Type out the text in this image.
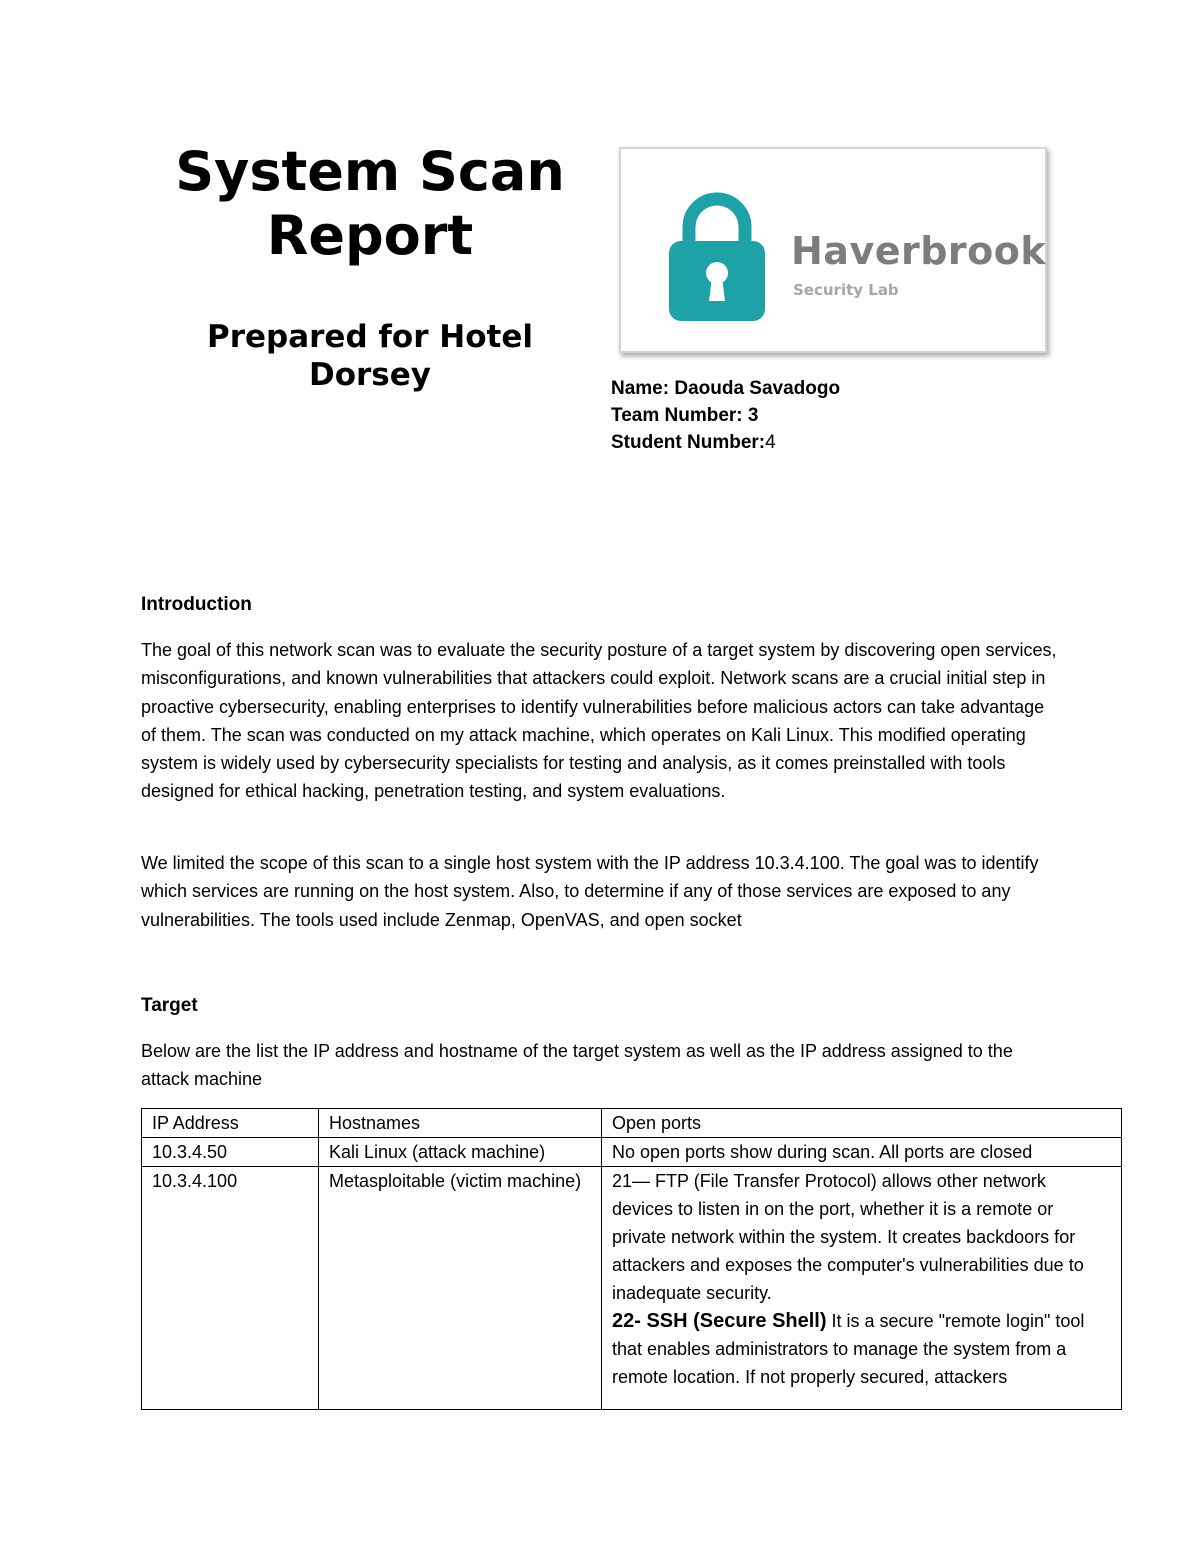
System Scan
Report
Prepared for Hotel
Dorsey
Haverbrook
Security Lab
Name: Daouda Savadogo
Team Number: 3
Student Number:4
Introduction
The goal of this network scan was to evaluate the security posture of a target system by discovering open services, misconfigurations, and known vulnerabilities that attackers could exploit. Network scans are a crucial initial step in proactive cybersecurity, enabling enterprises to identify vulnerabilities before malicious actors can take advantage of them. The scan was conducted on my attack machine, which operates on Kali Linux. This modified operating system is widely used by cybersecurity specialists for testing and analysis, as it comes preinstalled with tools designed for ethical hacking, penetration testing, and system evaluations.
We limited the scope of this scan to a single host system with the IP address 10.3.4.100. The goal was to identify which services are running on the host system. Also, to determine if any of those services are exposed to any vulnerabilities. The tools used include Zenmap, OpenVAS, and open socket
Target
Below are the list the IP address and hostname of the target system as well as the IP address assigned to the attack machine
IP Address	Hostnames	Open ports
10.3.4.50	Kali Linux (attack machine)	No open ports show during scan. All ports are closed
10.3.4.100	Metasploitable (victim machine)	21— FTP (File Transfer Protocol) allows other network devices to listen in on the port, whether it is a remote or private network within the system. It creates backdoors for attackers and exposes the computer's vulnerabilities due to inadequate security.
22- SSH (Secure Shell) It is a secure "remote login" tool that enables administrators to manage the system from a remote location. If not properly secured, attackers
